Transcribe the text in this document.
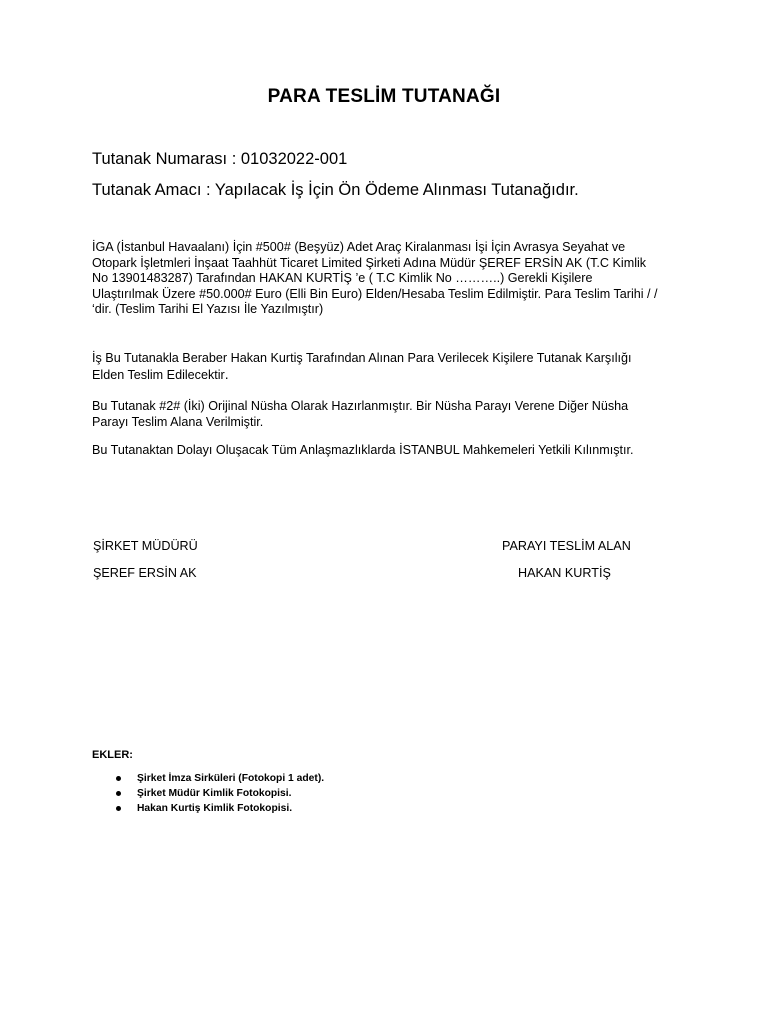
PARA TESLİM TUTANAĞI
Tutanak Numarası : 01032022-001
Tutanak Amacı : Yapılacak İş İçin Ön Ödeme Alınması Tutanağıdır.
İGA (İstanbul Havaalanı) İçin #500# (Beşyüz) Adet Araç Kiralanması İşi İçin Avrasya Seyahat ve Otopark İşletmleri İnşaat Taahhüt Ticaret Limited Şirketi Adına Müdür ŞEREF ERSİN AK (T.C Kimlik No 13901483287) Tarafından HAKAN KURTİŞ ’e ( T.C Kimlik No ………..) Gerekli Kişilere Ulaştırılmak Üzere #50.000# Euro (Elli Bin Euro) Elden/Hesaba Teslim Edilmiştir. Para Teslim Tarihi / / ‘dir. (Teslim Tarihi El Yazısı İle Yazılmıştır)
İş Bu Tutanakla Beraber Hakan Kurtiş Tarafından Alınan Para Verilecek Kişilere Tutanak Karşılığı Elden Teslim Edilecektir.
Bu Tutanak #2# (İki) Orijinal Nüsha Olarak Hazırlanmıştır. Bir Nüsha Parayı Verene Diğer Nüsha Parayı Teslim Alana Verilmiştir.
Bu Tutanaktan Dolayı Oluşacak Tüm Anlaşmazlıklarda İSTANBUL Mahkemeleri Yetkili Kılınmıştır.
ŞİRKET MÜDÜRÜ
ŞEREF ERSİN AK
PARAYI TESLİM ALAN
HAKAN KURTİŞ
EKLER:
Şirket İmza Sirküleri (Fotokopi 1 adet).
Şirket Müdür Kimlik Fotokopisi.
Hakan Kurtiş Kimlik Fotokopisi.
